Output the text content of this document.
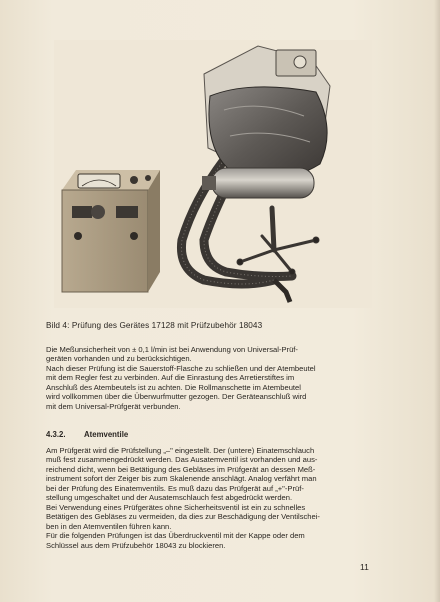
Bild 4: Prüfung des Gerätes 17128 mit Prüfzubehör 18043
Die Meßunsicherheit von ± 0,1 l/min ist bei Anwendung von Universal-Prüf-
geräten vorhanden und zu berücksichtigen.
Nach dieser Prüfung ist die Sauerstoff-Flasche zu schließen und der Atembeutel
mit dem Regler fest zu verbinden. Auf die Einrastung des Arretierstiftes im
Anschluß des Atembeutels ist zu achten. Die Rollmanschette im Atembeutel
wird vollkommen über die Überwurfmutter gezogen. Der Geräteanschluß wird
mit dem Universal-Prüfgerät verbunden.
4.3.2. Atemventile
Am Prüfgerät wird die Prüfstellung „–" eingestellt. Der (untere) Einatemschlauch
muß fest zusammengedrückt werden. Das Ausatemventil ist vorhanden und aus-
reichend dicht, wenn bei Betätigung des Gebläses im Prüfgerät an dessen Meß-
instrument sofort der Zeiger bis zum Skalenende anschlägt. Analog verfährt man
bei der Prüfung des Einatemventils. Es muß dazu das Prüfgerät auf „+"-Prüf-
stellung umgeschaltet und der Ausatemschlauch fest abgedrückt werden.
Bei Verwendung eines Prüfgerätes ohne Sicherheitsventil ist ein zu schnelles
Betätigen des Gebläses zu vermeiden, da dies zur Beschädigung der Ventilschei-
ben in den Atemventilen führen kann.
Für die folgenden Prüfungen ist das Überdruckventil mit der Kappe oder dem
Schlüssel aus dem Prüfzubehör 18043 zu blockieren.
11
